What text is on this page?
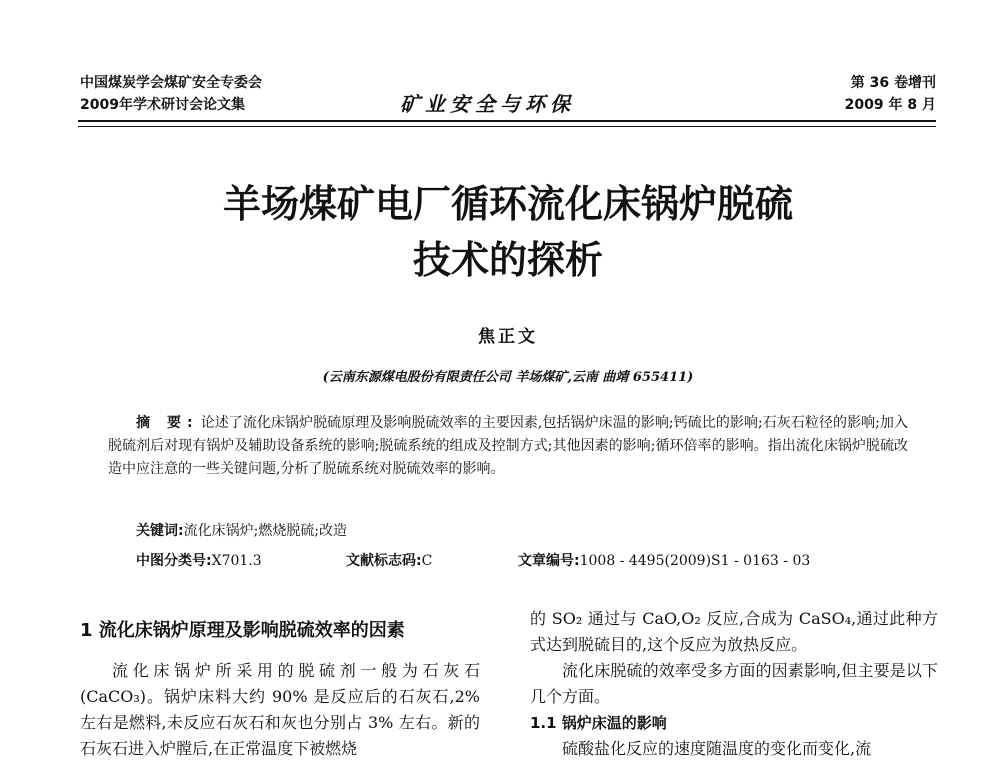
中国煤炭学会煤矿安全专委会
2009年学术研讨会论文集	矿业安全与环保
第 36 卷增刊
2009 年 8 月
羊场煤矿电厂循环流化床锅炉脱硫
技术的探析
焦正文
(云南东源煤电股份有限责任公司 羊场煤矿,云南 曲靖 655411)
摘 要: 论述了流化床锅炉脱硫原理及影响脱硫效率的主要因素,包括锅炉床温的影响;钙硫比的影响;石灰石粒径的影响;加入脱硫剂后对现有锅炉及辅助设备系统的影响;脱硫系统的组成及控制方式;其他因素的影响;循环倍率的影响。指出流化床锅炉脱硫改造中应注意的一些关键问题,分析了脱硫系统对脱硫效率的影响。
关键词:流化床锅炉;燃烧脱硫;改造
中图分类号:X701.3	文献标志码:C	文章编号:1008 - 4495(2009)S1 - 0163 - 03
1 流化床锅炉原理及影响脱硫效率的因素

流化床锅炉所采用的脱硫剂一般为石灰石(CaCO₃)。锅炉床料大约 90% 是反应后的石灰石,2% 左右是燃料,未反应石灰石和灰也分别占 3% 左右。新的石灰石进入炉膛后,在正常温度下被燃烧

的 SO₂ 通过与 CaO,O₂ 反应,合成为 CaSO₄,通过此种方式达到脱硫目的,这个反应为放热反应。

流化床脱硫的效率受多方面的因素影响,但主要是以下几个方面。

1.1 锅炉床温的影响

硫酸盐化反应的速度随温度的变化而变化,流
